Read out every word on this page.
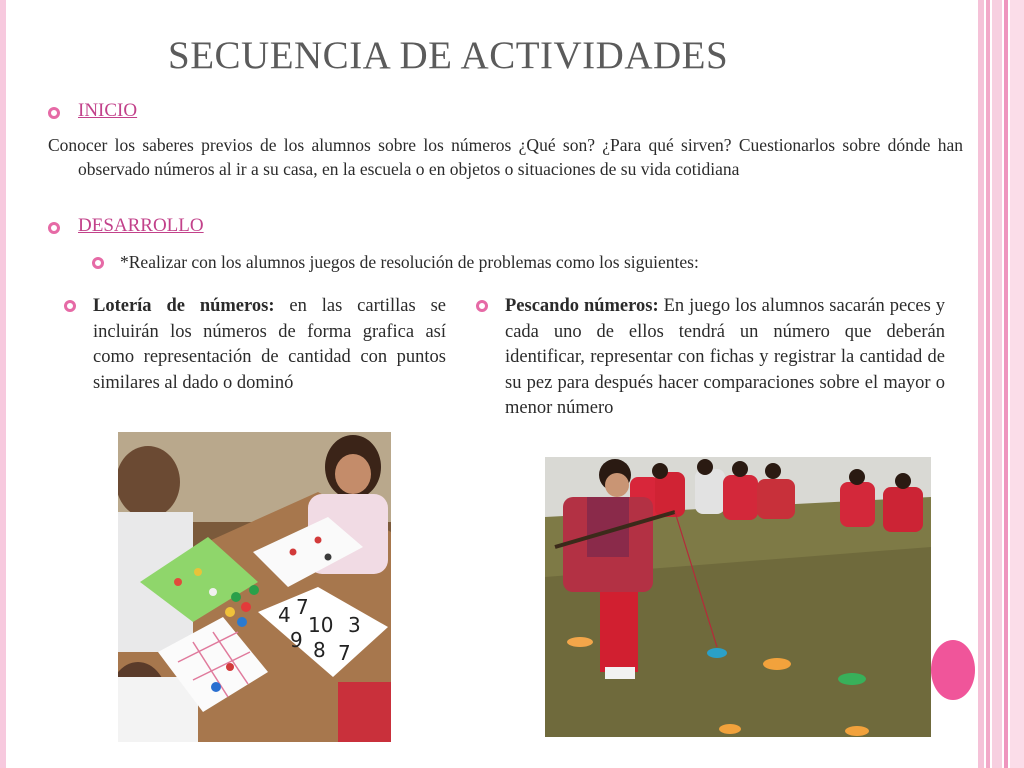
SECUENCIA DE ACTIVIDADES
INICIO
Conocer los saberes previos de los alumnos sobre los números ¿Qué son? ¿Para qué sirven? Cuestionarlos sobre dónde han observado números al ir a su casa, en la escuela o en objetos o situaciones de su vida cotidiana
DESARROLLO
*Realizar con los alumnos juegos de resolución de problemas como los siguientes:
Lotería de números: en las cartillas se incluirán los números de forma grafica así como representación de cantidad con puntos similares al dado o dominó
Pescando números: En juego los alumnos sacarán peces y cada uno de ellos tendrá un número que deberán identificar, representar con fichas y registrar la cantidad de su pez para después hacer comparaciones sobre el mayor o menor número
4 7
10 3
9 8 7
